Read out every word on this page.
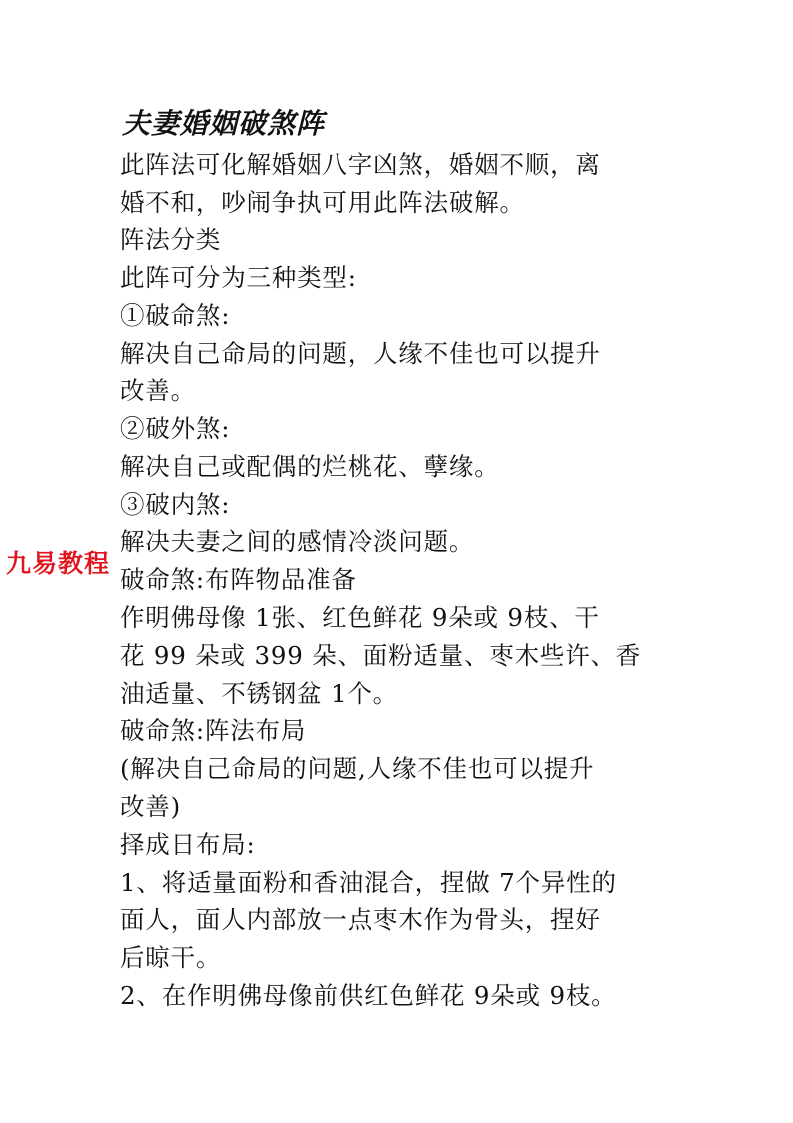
夫妻婚姻破煞阵
此阵法可化解婚姻八字凶煞，婚姻不顺，离
婚不和，吵闹争执可用此阵法破解。
阵法分类
此阵可分为三种类型:
①破命煞:
解决自己命局的问题，人缘不佳也可以提升
改善。
②破外煞:
解决自己或配偶的烂桃花、孽缘。
③破内煞:
解决夫妻之间的感情冷淡问题。
破命煞:布阵物品准备
作明佛母像 1张、红色鲜花 9朵或 9枝、干
花 99 朵或 399 朵、面粉适量、枣木些许、香
油适量、不锈钢盆 1个。
破命煞:阵法布局
(解决自己命局的问题,人缘不佳也可以提升
改善)
择成日布局:
1、将适量面粉和香油混合，捏做 7个异性的
面人，面人内部放一点枣木作为骨头，捏好
后晾干。
2、在作明佛母像前供红色鲜花 9朵或 9枝。
九易教程
